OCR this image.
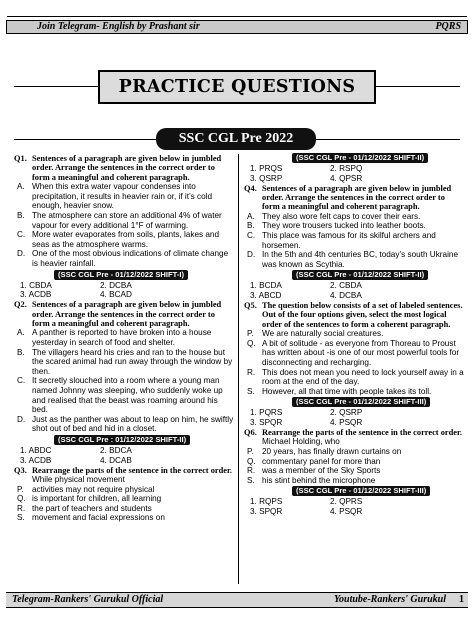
Join Telegram- English by Prashant sir	PQRS
PRACTICE QUESTIONS
SSC CGL Pre 2022
Q1. Sentences of a paragraph are given below in jumbled order. Arrange the sentences in the correct order to form a meaningful and coherent paragraph.
A. When this extra water vapour condenses into precipitation, it results in heavier rain or, if it’s cold enough, heavier snow.
B. The atmosphere can store an additional 4% of water vapour for every additional 1°F of warming.
C. More water evaporates from soils, plants, lakes and seas as the atmosphere warms.
D. One of the most obvious indications of climate change is heavier rainfall.
(SSC CGL Pre - 01/12/2022 SHIFT-I)
1. CBDA	2. DCBA
3. ACDB	4. BCAD
Q2. Sentences of a paragraph are given below in jumbled order. Arrange the sentences in the correct order to form a meaningful and coherent paragraph.
A. A panther is reported to have broken into a house yesterday in search of food and shelter.
B. The villagers heard his cries and ran to the house but the scared animal had run away through the window by then.
C. It secretly slouched into a room where a young man named Johnny was sleeping, who suddenly woke up and realised that the beast was roaming around his bed.
D. Just as the panther was about to leap on him, he swiftly shot out of bed and hid in a closet.
(SSC CGL Pre : 01/12/2022 SHIFT-II)
1. ABDC	2. BDCA
3. ACDB	4. DCAB
Q3. Rearrange the parts of the sentence in the correct order.
While physical movement
P. activities may not require physical
Q. is important for children, all learning
R. the part of teachers and students
S. movement and facial expressions on
(SSC CGL Pre - 01/12/2022 SHIFT-II)
1. PRQS	2. RSPQ
3. QSRP	4. QPSR
Q4. Sentences of a paragraph are given below in jumbled order. Arrange the sentences in the correct order to form a meaningful and coherent paragraph.
A. They also wore felt caps to cover their ears.
B. They wore trousers tucked into leather boots.
C. This place was famous for its skilful archers and horsemen.
D. In the 5th and 4th centuries BC, today’s south Ukraine was known as Scythia.
(SSC CGL Pre - 01/12/2022 SHIFT-II)
1. BCDA	2. CBDA
3. ABCD	4. DCBA
Q5. The question below consists of a set of labeled sentences. Out of the four options given, select the most logical order of the sentences to form a coherent paragraph.
P. We are naturally social creatures.
Q. A bit of solitude - as everyone from Thoreau to Proust has written about -is one of our most powerful tools for disconnecting and recharging.
R. This does not mean you need to lock yourself away in a room at the end of the day.
S. However, all that time with people takes its toll.
(SSC CGL Pre - 01/12/2022 SHIFT-III)
1. PQRS	2. QSRP
3. SPQR	4. PSQR
Q6. Rearrange the parts of the sentence in the correct order.
Michael Holding, who
P. 20 years, has finally drawn curtains on
Q. commentary panel for more than
R. was a member of the Sky Sports
S. his stint behind the microphone
(SSC CGL Pre - 01/12/2022 SHIFT-III)
1. RQPS	2. QPRS
3. SPQR	4. PSQR
Telegram-Rankers' Gurukul Official	Youtube-Rankers' Gurukul 1
